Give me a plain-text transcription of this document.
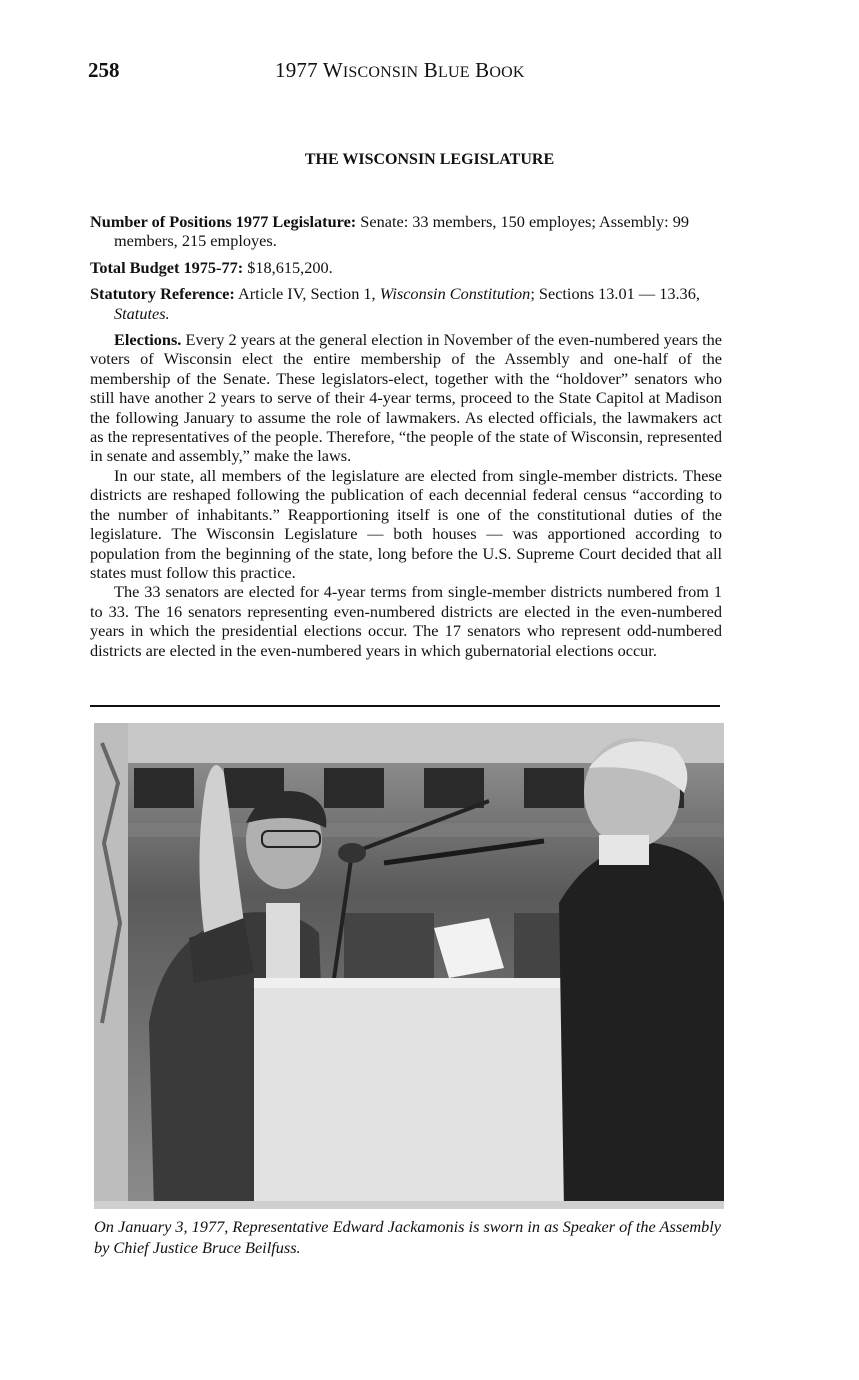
258	1977 WISCONSIN BLUE BOOK
THE WISCONSIN LEGISLATURE

Number of Positions 1977 Legislature: Senate: 33 members, 150 employes; Assembly: 99 members, 215 employes.

Total Budget 1975-77: $18,615,200.

Statutory Reference: Article IV, Section 1, Wisconsin Constitution; Sections 13.01 — 13.36, Statutes.

Elections. Every 2 years at the general election in November of the even-numbered years the voters of Wisconsin elect the entire membership of the Assembly and one-half of the membership of the Senate. These legislators-elect, together with the “holdover” senators who still have another 2 years to serve of their 4-year terms, proceed to the State Capitol at Madison the following January to assume the role of lawmakers. As elected officials, the lawmakers act as the representatives of the people. Therefore, “the people of the state of Wisconsin, represented in senate and assembly,” make the laws.

In our state, all members of the legislature are elected from single-member districts. These districts are reshaped following the publication of each decennial federal census “according to the number of inhabitants.” Reapportioning itself is one of the constitutional duties of the legislature. The Wisconsin Legislature — both houses — was apportioned according to population from the beginning of the state, long before the U.S. Supreme Court decided that all states must follow this practice.

The 33 senators are elected for 4-year terms from single-member districts numbered from 1 to 33. The 16 senators representing even-numbered districts are elected in the even-numbered years in which the presidential elections occur. The 17 senators who represent odd-numbered districts are elected in the even-numbered years in which gubernatorial elections occur.

On January 3, 1977, Representative Edward Jackamonis is sworn in as Speaker of the Assembly by Chief Justice Bruce Beilfuss.
